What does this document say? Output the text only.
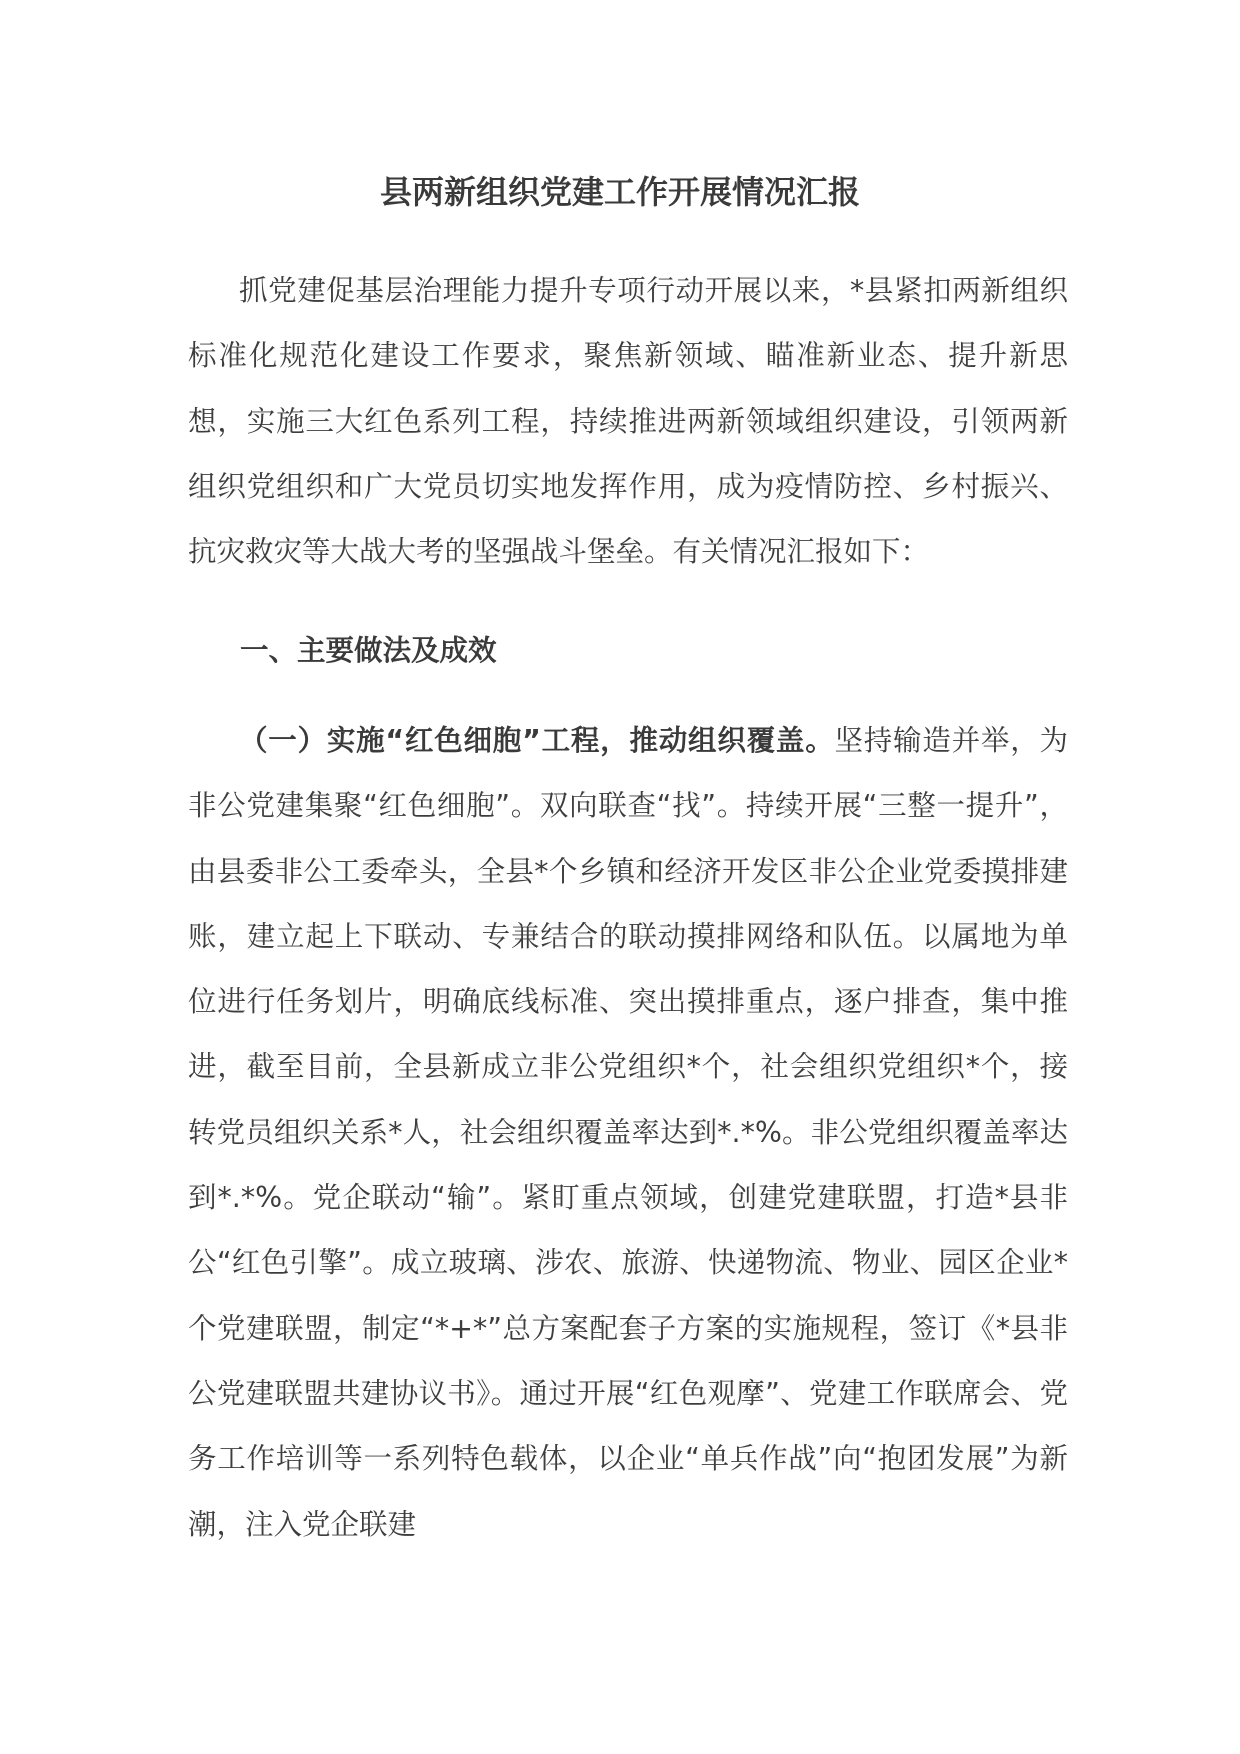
县两新组织党建工作开展情况汇报

抓党建促基层治理能力提升专项行动开展以来，*县紧扣两新组织标准化规范化建设工作要求，聚焦新领域、瞄准新业态、提升新思想，实施三大红色系列工程，持续推进两新领域组织建设，引领两新组织党组织和广大党员切实地发挥作用，成为疫情防控、乡村振兴、抗灾救灾等大战大考的坚强战斗堡垒。有关情况汇报如下：

一、主要做法及成效

（一）实施“红色细胞”工程，推动组织覆盖。坚持输造并举，为非公党建集聚“红色细胞”。双向联查“找”。持续开展“三整一提升”，由县委非公工委牵头，全县*个乡镇和经济开发区非公企业党委摸排建账，建立起上下联动、专兼结合的联动摸排网络和队伍。以属地为单位进行任务划片，明确底线标准、突出摸排重点，逐户排查，集中推进，截至目前，全县新成立非公党组织*个，社会组织党组织*个，接转党员组织关系*人，社会组织覆盖率达到*.*%。非公党组织覆盖率达到*.*%。党企联动“输”。紧盯重点领域，创建党建联盟，打造*县非公“红色引擎”。成立玻璃、涉农、旅游、快递物流、物业、园区企业*个党建联盟，制定“*+*”总方案配套子方案的实施规程，签订《*县非公党建联盟共建协议书》。通过开展“红色观摩”、党建工作联席会、党务工作培训等一系列特色载体，以企业“单兵作战”向“抱团发展”为新潮，注入党企联建
